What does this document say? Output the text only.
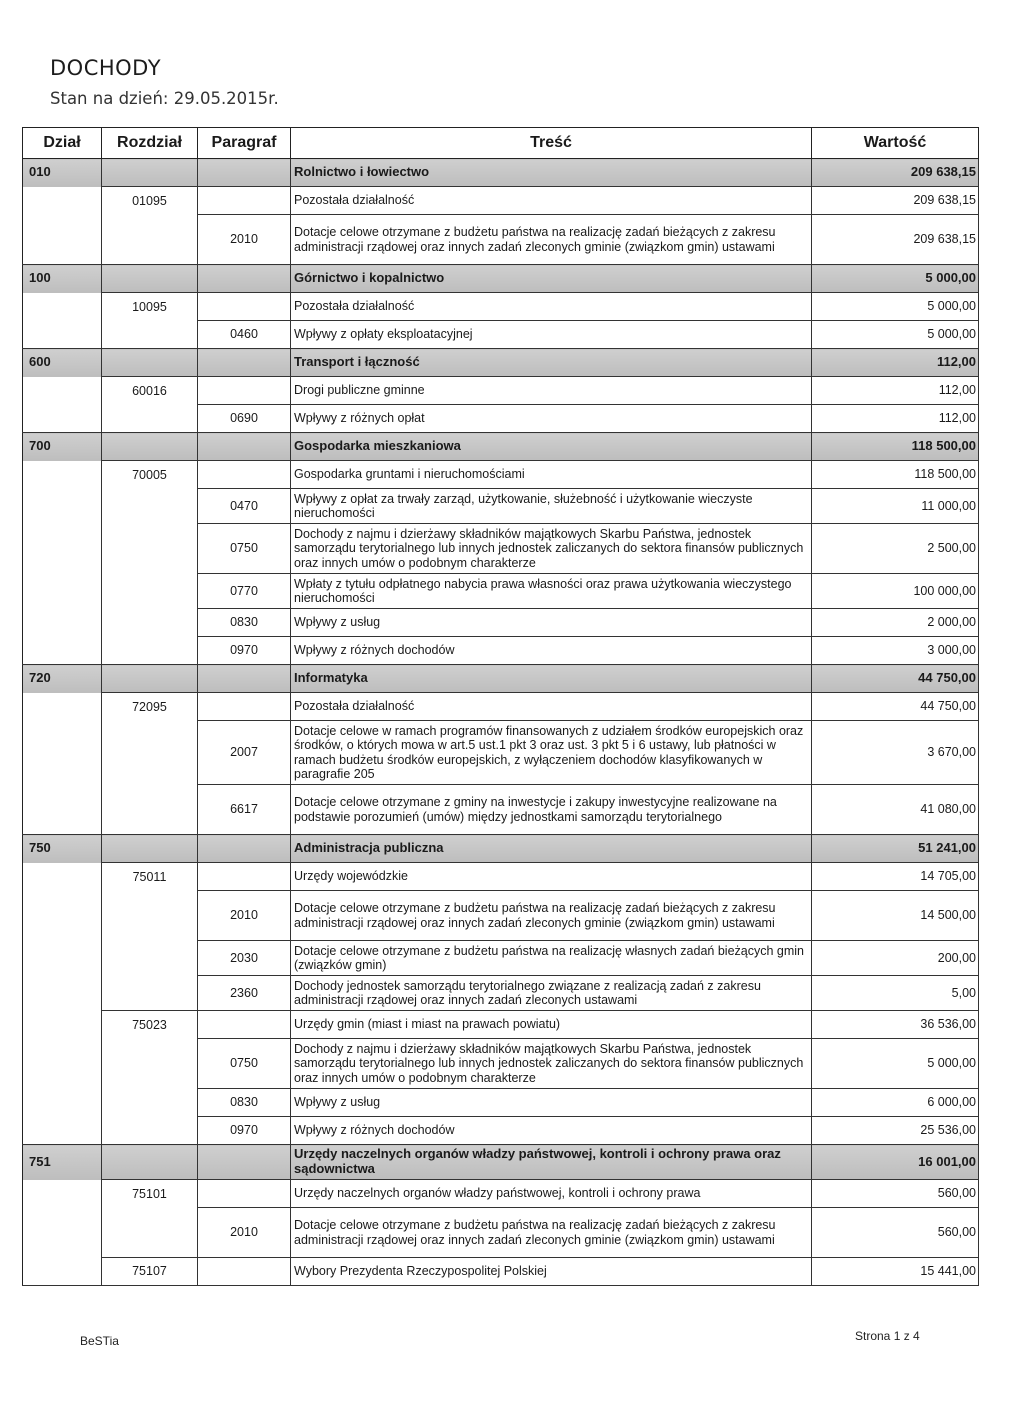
DOCHODY
Stan na dzień: 29.05.2015r.
Dział	Rozdział	Paragraf	Treść	Wartość
010			Rolnictwo i łowiectwo	209 638,15
	01095		Pozostała działalność	209 638,15
		2010	Dotacje celowe otrzymane z budżetu państwa na realizację zadań bieżących z zakresu administracji rządowej oraz innych zadań zleconych gminie (związkom gmin) ustawami	209 638,15
100			Górnictwo i kopalnictwo	5 000,00
	10095		Pozostała działalność	5 000,00
		0460	Wpływy z opłaty eksploatacyjnej	5 000,00
600			Transport i łączność	112,00
	60016		Drogi publiczne gminne	112,00
		0690	Wpływy z różnych opłat	112,00
700			Gospodarka mieszkaniowa	118 500,00
	70005		Gospodarka gruntami i nieruchomościami	118 500,00
		0470	Wpływy z opłat za trwały zarząd, użytkowanie, służebność i użytkowanie wieczyste nieruchomości	11 000,00
		0750	Dochody z najmu i dzierżawy składników majątkowych Skarbu Państwa, jednostek samorządu terytorialnego lub innych jednostek zaliczanych do sektora finansów publicznych oraz innych umów o podobnym charakterze	2 500,00
		0770	Wpłaty z tytułu odpłatnego nabycia prawa własności oraz prawa użytkowania wieczystego nieruchomości	100 000,00
		0830	Wpływy z usług	2 000,00
		0970	Wpływy z różnych dochodów	3 000,00
720			Informatyka	44 750,00
	72095		Pozostała działalność	44 750,00
		2007	Dotacje celowe w ramach programów finansowanych z udziałem środków europejskich oraz środków, o których mowa w art.5 ust.1 pkt 3 oraz ust. 3 pkt 5 i 6 ustawy, lub płatności w ramach budżetu środków europejskich, z wyłączeniem dochodów klasyfikowanych w paragrafie 205	3 670,00
		6617	Dotacje celowe otrzymane z gminy na inwestycje i zakupy inwestycyjne realizowane na podstawie porozumień (umów) między jednostkami samorządu terytorialnego	41 080,00
750			Administracja publiczna	51 241,00
	75011		Urzędy wojewódzkie	14 705,00
		2010	Dotacje celowe otrzymane z budżetu państwa na realizację zadań bieżących z zakresu administracji rządowej oraz innych zadań zleconych gminie (związkom gmin) ustawami	14 500,00
		2030	Dotacje celowe otrzymane z budżetu państwa na realizację własnych zadań bieżących gmin (związków gmin)	200,00
		2360	Dochody jednostek samorządu terytorialnego związane z realizacją zadań z zakresu administracji rządowej oraz innych zadań zleconych ustawami	5,00
	75023		Urzędy gmin (miast i miast na prawach powiatu)	36 536,00
		0750	Dochody z najmu i dzierżawy składników majątkowych Skarbu Państwa, jednostek samorządu terytorialnego lub innych jednostek zaliczanych do sektora finansów publicznych oraz innych umów o podobnym charakterze	5 000,00
		0830	Wpływy z usług	6 000,00
		0970	Wpływy z różnych dochodów	25 536,00
751			Urzędy naczelnych organów władzy państwowej, kontroli i ochrony prawa oraz sądownictwa	16 001,00
	75101		Urzędy naczelnych organów władzy państwowej, kontroli i ochrony prawa	560,00
		2010	Dotacje celowe otrzymane z budżetu państwa na realizację zadań bieżących z zakresu administracji rządowej oraz innych zadań zleconych gminie (związkom gmin) ustawami	560,00
	75107		Wybory Prezydenta Rzeczypospolitej Polskiej	15 441,00
BeSTia	Strona 1 z 4
